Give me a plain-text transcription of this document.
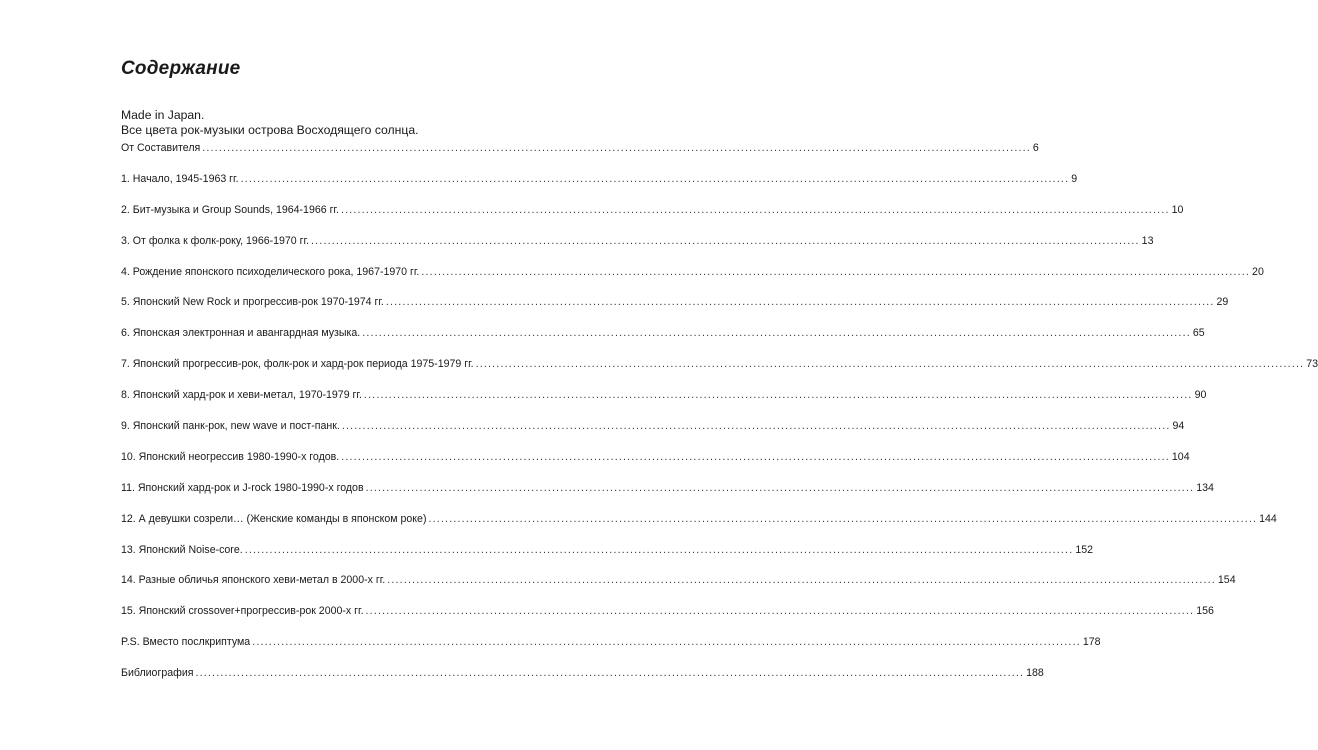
Содержание
Made in Japan.
Все цвета рок-музыки острова Восходящего солнца.
От Составителя ........................................................................................................................................................................................................ 6
1. Начало, 1945-1963 гг. ........................................................................................................................................................................................................ 9
2. Бит-музыка и Group Sounds, 1964-1966 гг. ........................................................................................................................................................................................................ 10
3. От фолка к фолк-року, 1966-1970 гг. ........................................................................................................................................................................................................ 13
4. Рождение японского психоделического рока, 1967-1970 гг. ........................................................................................................................................................................................................ 20
5. Японский New Rock и прогрессив-рок 1970-1974 гг. ........................................................................................................................................................................................................ 29
6. Японская электронная и авангардная музыка. ........................................................................................................................................................................................................ 65
7. Японский прогрессив-рок, фолк-рок и хард-рок периода 1975-1979 гг. ........................................................................................................................................................................................................ 73
8. Японский хард-рок и хеви-метал, 1970-1979 гг. ........................................................................................................................................................................................................ 90
9. Японский панк-рок, new wave и пост-панк. ........................................................................................................................................................................................................ 94
10. Японский неогрессив 1980-1990-х годов. ........................................................................................................................................................................................................ 104
11. Японский хард-рок и J-rock 1980-1990-х годов ........................................................................................................................................................................................................ 134
12. А девушки созрели… (Женские команды в японском роке) ........................................................................................................................................................................................................ 144
13. Японский Noise-core. ........................................................................................................................................................................................................ 152
14. Разные обличья японского хеви-метал в 2000-х гг. ........................................................................................................................................................................................................ 154
15. Японский crossover+прогрессив-рок 2000-х гг. ........................................................................................................................................................................................................ 156
P.S. Вместо послкриптума ........................................................................................................................................................................................................ 178
Библиография ........................................................................................................................................................................................................ 188
